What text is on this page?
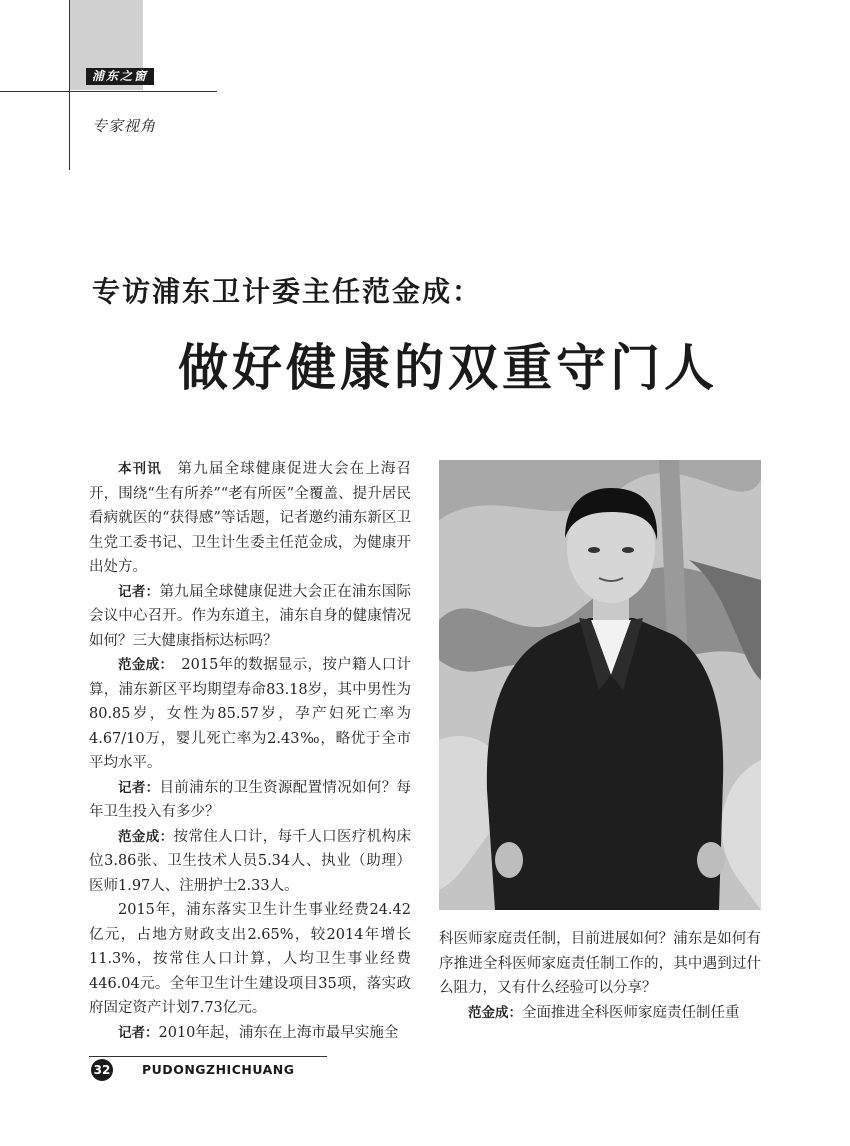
浦东之窗
专家视角
专访浦东卫计委主任范金成：
做好健康的双重守门人

本刊讯　第九届全球健康促进大会在上海召开，围绕“生有所养”“老有所医”全覆盖、提升居民看病就医的“获得感”等话题，记者邀约浦东新区卫生党工委书记、卫生计生委主任范金成，为健康开出处方。

记者：第九届全球健康促进大会正在浦东国际会议中心召开。作为东道主，浦东自身的健康情况如何？三大健康指标达标吗？

范金成：　2015年的数据显示，按户籍人口计算，浦东新区平均期望寿命83.18岁，其中男性为80.85岁，女性为85.57岁，孕产妇死亡率为4.67/10万，婴儿死亡率为2.43‰，略优于全市平均水平。

记者：目前浦东的卫生资源配置情况如何？每年卫生投入有多少？

范金成：按常住人口计，每千人口医疗机构床位3.86张、卫生技术人员5.34人、执业（助理）医师1.97人、注册护士2.33人。

2015年，浦东落实卫生计生事业经费24.42亿元，占地方财政支出2.65%，较2014年增长11.3%，按常住人口计算，人均卫生事业经费446.04元。全年卫生计生建设项目35项，落实政府固定资产计划7.73亿元。

记者：2010年起，浦东在上海市最早实施全

科医师家庭责任制，目前进展如何？浦东是如何有序推进全科医师家庭责任制工作的，其中遇到过什么阻力，又有什么经验可以分享？

范金成：全面推进全科医师家庭责任制任重

32	PUDONGZHICHUANG
